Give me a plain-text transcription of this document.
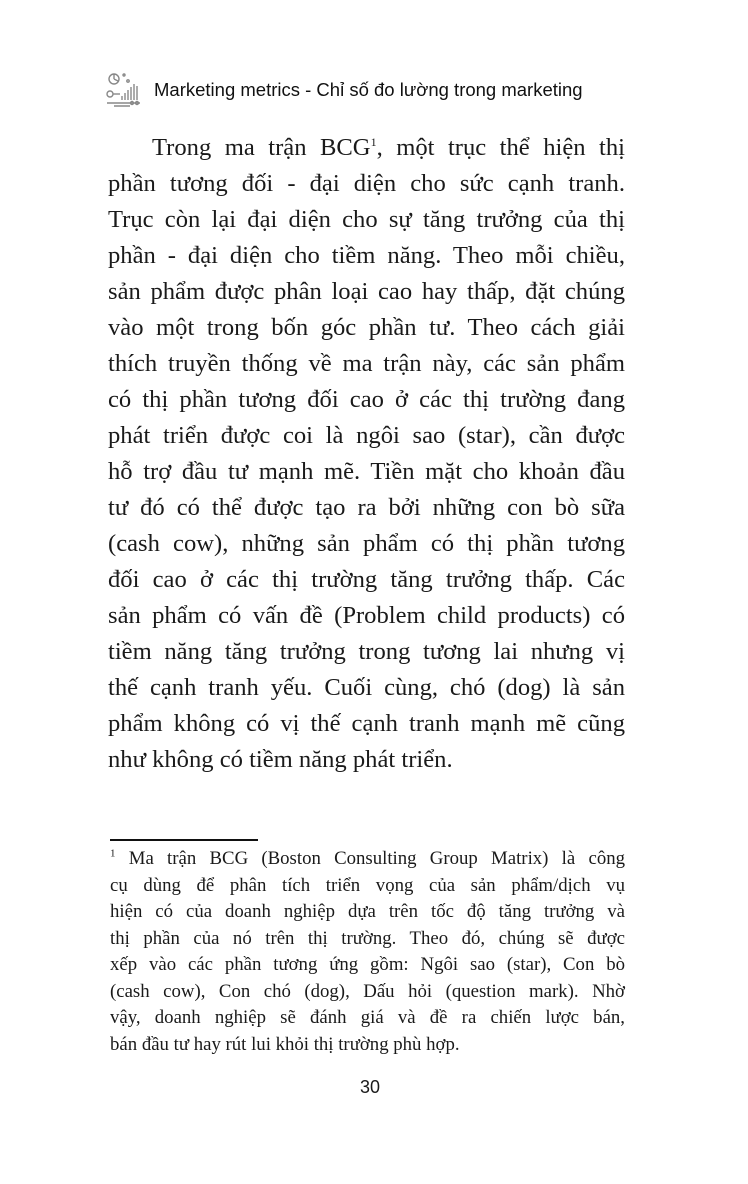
Marketing metrics - Chỉ số đo lường trong marketing
Trong ma trận BCG$^1$, một trục thể hiện thị
phần tương đối - đại diện cho sức cạnh tranh.
Trục còn lại đại diện cho sự tăng trưởng của thị
phần - đại diện cho tiềm năng. Theo mỗi chiều,
sản phẩm được phân loại cao hay thấp, đặt chúng
vào một trong bốn góc phần tư. Theo cách giải
thích truyền thống về ma trận này, các sản phẩm
có thị phần tương đối cao ở các thị trường đang
phát triển được coi là ngôi sao (star), cần được
hỗ trợ đầu tư mạnh mẽ. Tiền mặt cho khoản đầu
tư đó có thể được tạo ra bởi những con bò sữa
(cash cow), những sản phẩm có thị phần tương
đối cao ở các thị trường tăng trưởng thấp. Các
sản phẩm có vấn đề (Problem child products) có
tiềm năng tăng trưởng trong tương lai nhưng vị
thế cạnh tranh yếu. Cuối cùng, chó (dog) là sản
phẩm không có vị thế cạnh tranh mạnh mẽ cũng
như không có tiềm năng phát triển.
$^1$ Ma trận BCG (Boston Consulting Group Matrix) là công
cụ dùng để phân tích triển vọng của sản phẩm/dịch vụ
hiện có của doanh nghiệp dựa trên tốc độ tăng trưởng và
thị phần của nó trên thị trường. Theo đó, chúng sẽ được
xếp vào các phần tương ứng gồm: Ngôi sao (star), Con bò
(cash cow), Con chó (dog), Dấu hỏi (question mark). Nhờ
vậy, doanh nghiệp sẽ đánh giá và đề ra chiến lược bán,
bán đầu tư hay rút lui khỏi thị trường phù hợp.
30
